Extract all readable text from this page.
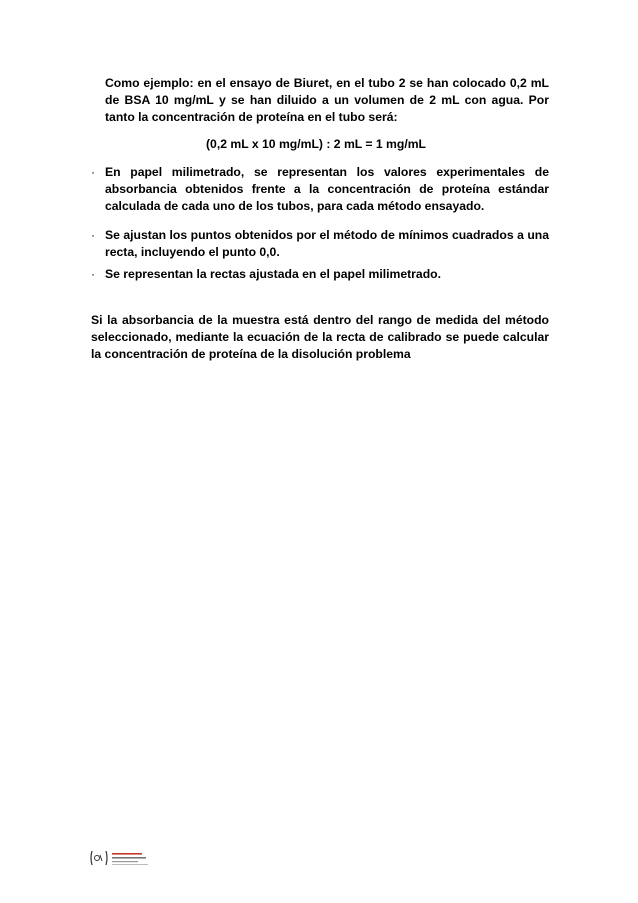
Como ejemplo: en el ensayo de Biuret, en el tubo 2 se han colocado 0,2 mL de BSA 10 mg/mL y se han diluido a un volumen de 2 mL con agua. Por tanto la concentración de proteína en el tubo será:

(0,2 mL x 10 mg/mL) : 2 mL = 1 mg/mL

· En papel milimetrado, se representan los valores experimentales de absorbancia obtenidos frente a la concentración de proteína estándar calculada de cada uno de los tubos, para cada método ensayado.
· Se ajustan los puntos obtenidos por el método de mínimos cuadrados a una recta, incluyendo el punto 0,0.
· Se representan la rectas ajustada en el papel milimetrado.

Si la absorbancia de la muestra está dentro del rango de medida del método seleccionado, mediante la ecuación de la recta de calibrado se puede calcular la concentración de proteína de la disolución problema
